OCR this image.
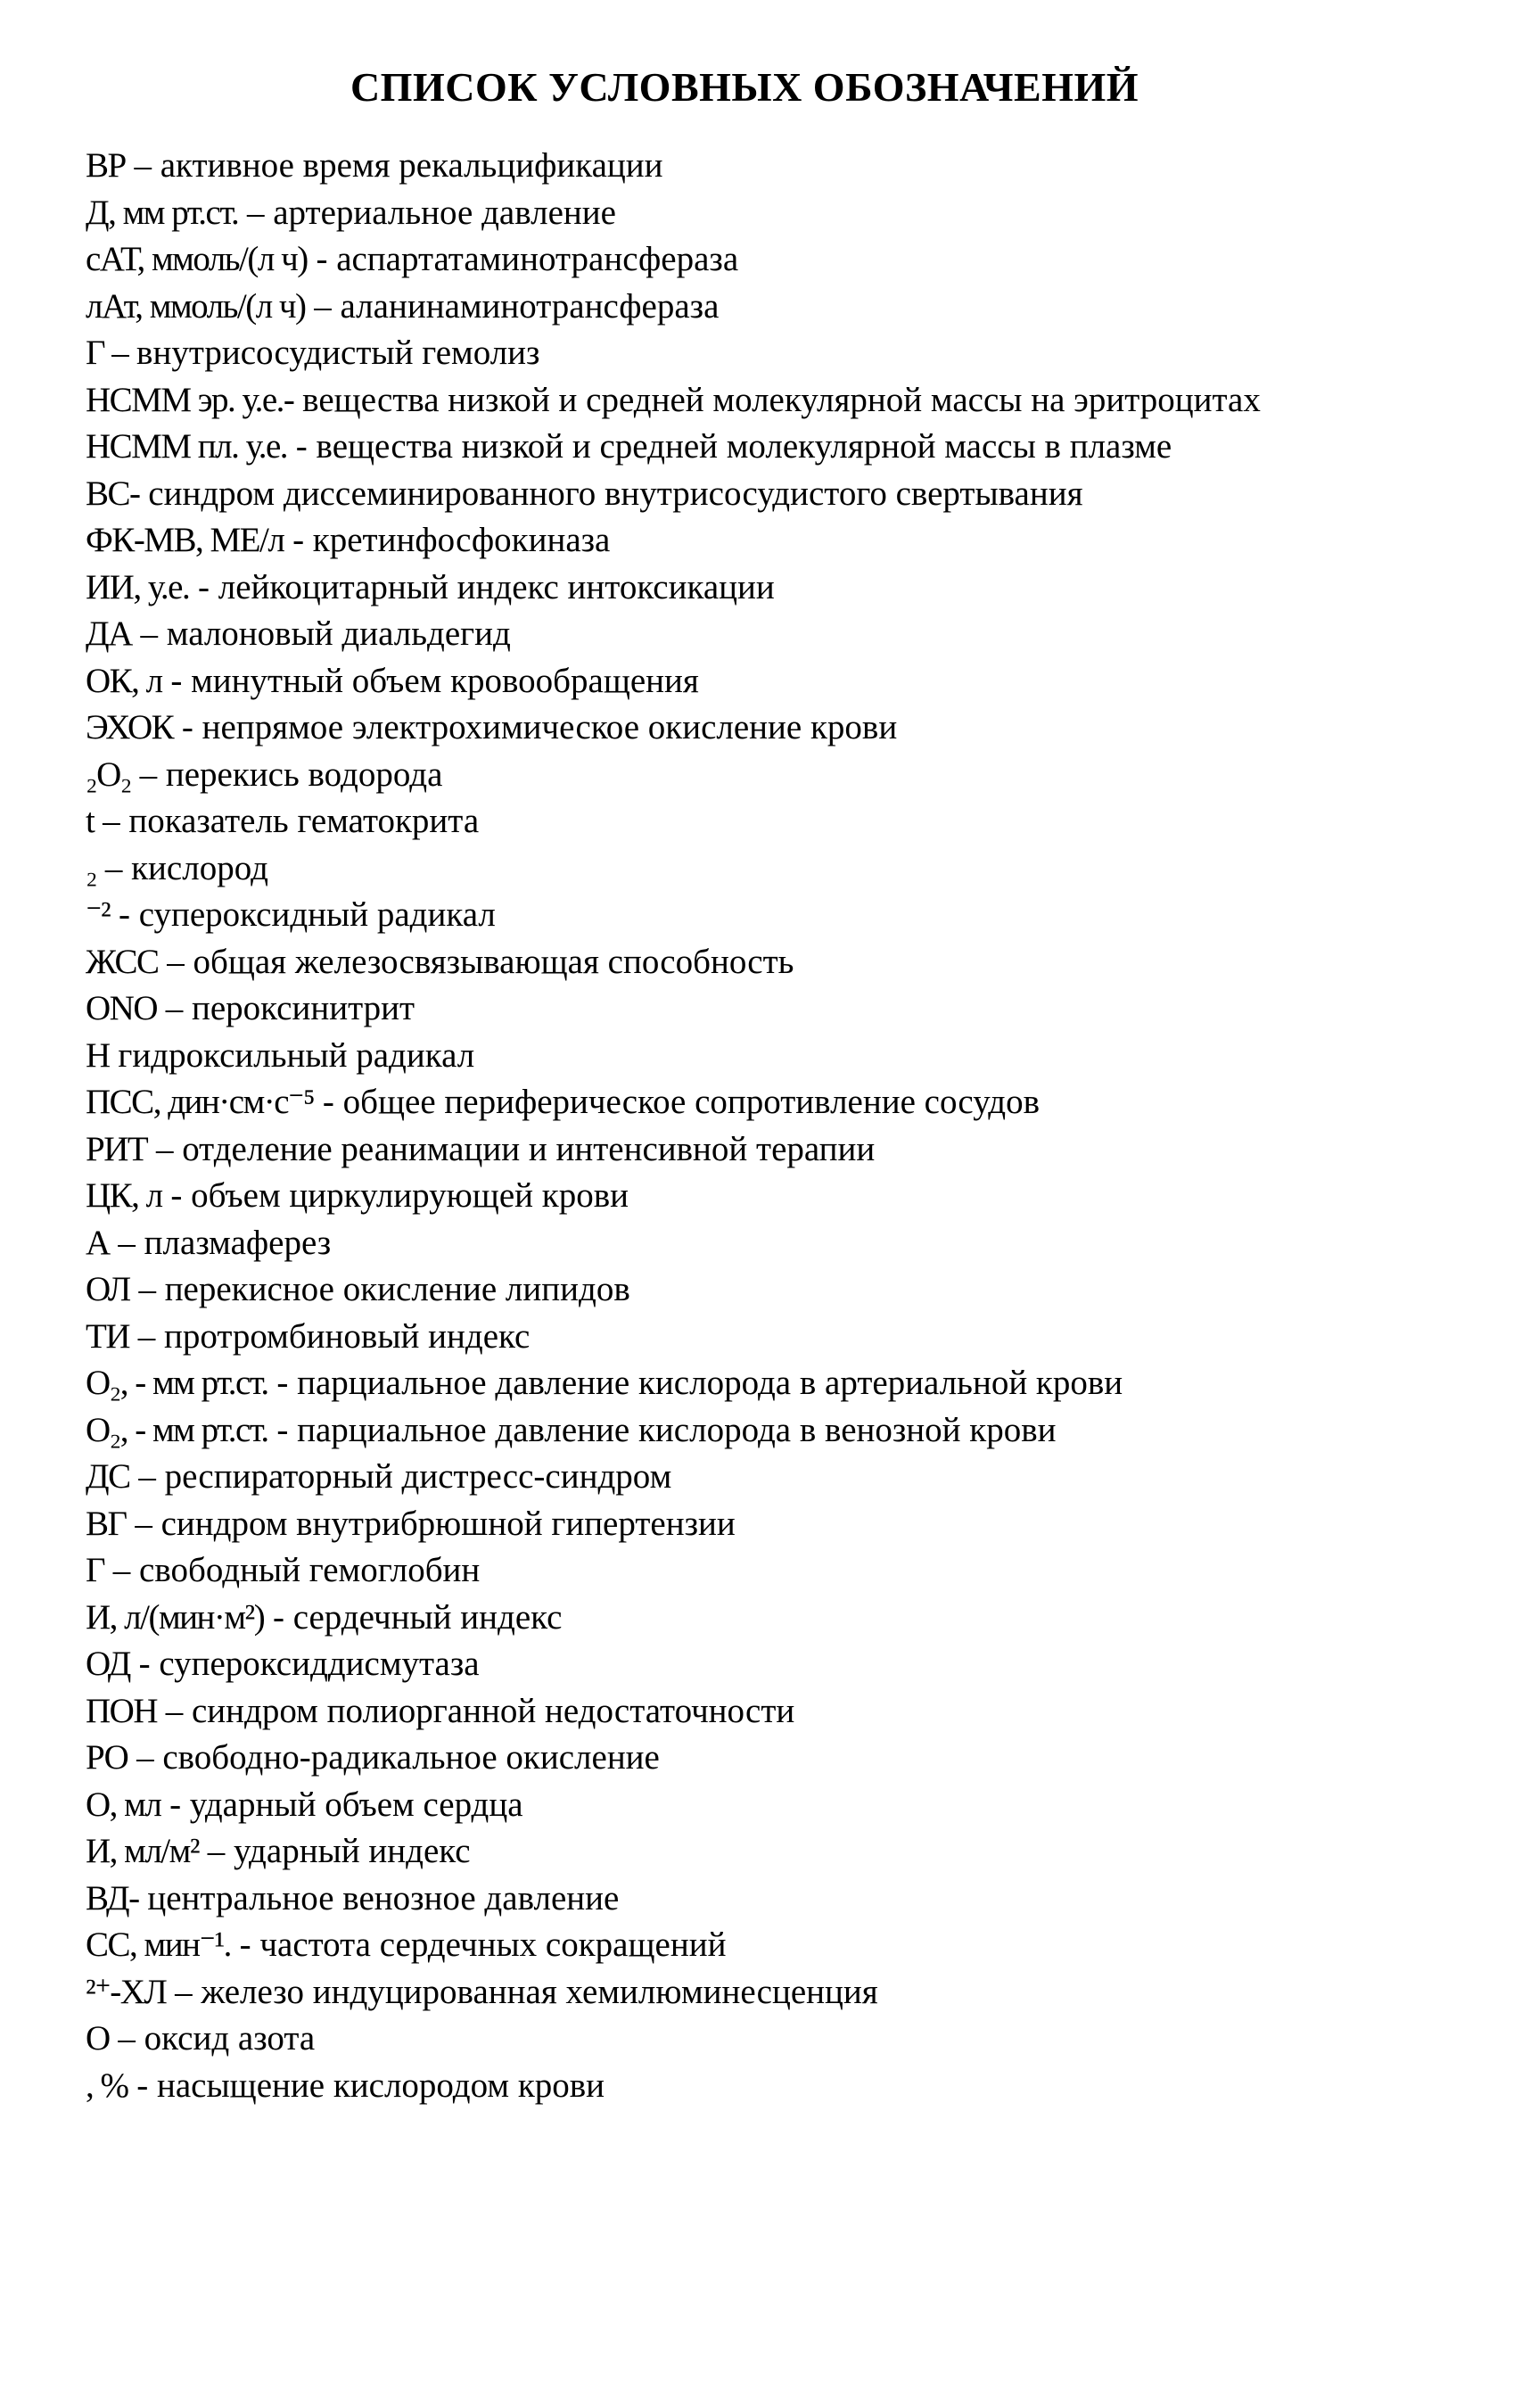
СПИСОК УСЛОВНЫХ ОБОЗНАЧЕНИЙ
ВР – активное время рекальцификации
Д, мм рт.ст. – артериальное давление
сАТ, ммоль/(л ч) - аспартатаминотрансфераза
лАт, ммоль/(л ч) – аланинаминотрансфераза
Г – внутрисосудистый гемолиз
НСММ эр. у.е.- вещества низкой и средней молекулярной массы на эритроцитах
НСММ пл. у.е. - вещества низкой и средней молекулярной массы в плазме
ВС- синдром диссеминированного внутрисосудистого свертывания
ФК-МВ, МЕ/л - кретинфосфокиназа
ИИ, у.е. - лейкоцитарный индекс интоксикации
ДА – малоновый диальдегид
ОК, л - минутный объем кровообращения
ЭХОК - непрямое электрохимическое окисление крови
₂О₂ – перекись водорода
t – показатель гематокрита
₂ – кислород
⁻² - супероксидный радикал
ЖСС – общая железосвязывающая способность
ONO – пероксинитрит
Н гидроксильный радикал
ПСС, дин·см·с⁻⁵ - общее периферическое сопротивление сосудов
РИТ – отделение реанимации и интенсивной терапии
ЦК, л - объем циркулирующей крови
А – плазмаферез
ОЛ – перекисное окисление липидов
ТИ – протромбиновый индекс
О₂, - мм рт.ст. - парциальное давление кислорода в артериальной крови
О₂, - мм рт.ст. - парциальное давление кислорода в венозной крови
ДС – респираторный дистресс-синдром
ВГ – синдром внутрибрюшной гипертензии
Г – свободный гемоглобин
И, л/(мин·м²) - сердечный индекс
ОД - супероксиддисмутаза
ПОН – синдром полиорганной недостаточности
РО – свободно-радикальное окисление
О, мл - ударный объем сердца
И, мл/м² – ударный индекс
ВД- центральное венозное давление
СС, мин⁻¹. - частота сердечных сокращений
²⁺-ХЛ – железо индуцированная хемилюминесценция
О – оксид азота
, % - насыщение кислородом крови
